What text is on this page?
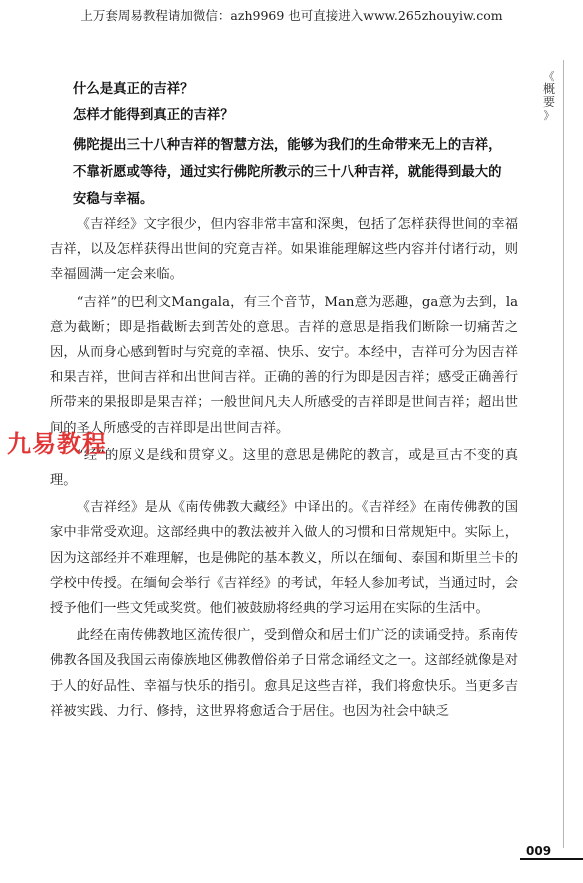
上万套周易教程请加微信：azh9969 也可直接进入www.265zhouyiw.com
《
概
要
》

什么是真正的吉祥？

怎样才能得到真正的吉祥？

佛陀提出三十八种吉祥的智慧方法，能够为我们的生命带来无上的吉祥，不靠祈愿或等待，通过实行佛陀所教示的三十八种吉祥，就能得到最大的安稳与幸福。

《吉祥经》文字很少，但内容非常丰富和深奥，包括了怎样获得世间的幸福吉祥，以及怎样获得出世间的究竟吉祥。如果谁能理解这些内容并付诸行动，则幸福圆满一定会来临。

“吉祥”的巴利文Mangala，有三个音节，Man意为恶趣，ga意为去到，la意为截断；即是指截断去到苦处的意思。吉祥的意思是指我们断除一切痛苦之因，从而身心感到暂时与究竟的幸福、快乐、安宁。本经中，吉祥可分为因吉祥和果吉祥，世间吉祥和出世间吉祥。正确的善的行为即是因吉祥；感受正确善行所带来的果报即是果吉祥；一般世间凡夫人所感受的吉祥即是世间吉祥；超出世间的圣人所感受的吉祥即是出世间吉祥。

“经”的原义是线和贯穿义。这里的意思是佛陀的教言，或是亘古不变的真理。

《吉祥经》是从《南传佛教大藏经》中译出的。《吉祥经》在南传佛教的国家中非常受欢迎。这部经典中的教法被并入做人的习惯和日常规矩中。实际上，因为这部经并不难理解，也是佛陀的基本教义，所以在缅甸、泰国和斯里兰卡的学校中传授。在缅甸会举行《吉祥经》的考试，年轻人参加考试，当通过时，会授予他们一些文凭或奖赏。他们被鼓励将经典的学习运用在实际的生活中。

此经在南传佛教地区流传很广，受到僧众和居士们广泛的读诵受持。系南传佛教各国及我国云南傣族地区佛教僧俗弟子日常念诵经文之一。这部经就像是对于人的好品性、幸福与快乐的指引。愈具足这些吉祥，我们将愈快乐。当更多吉祥被实践、力行、修持，这世界将愈适合于居住。也因为社会中缺乏

九易教程
009
